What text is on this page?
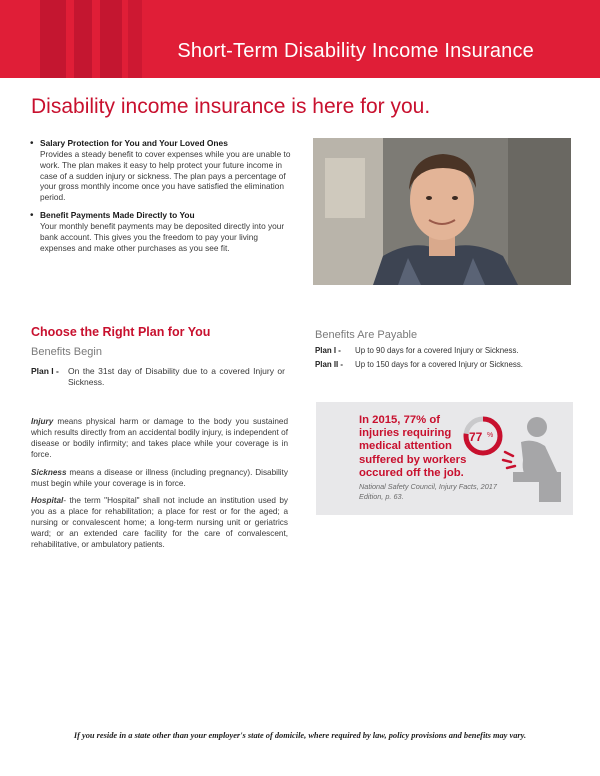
Short-Term Disability Income Insurance
Disability income insurance is here for you.
• Salary Protection for You and Your Loved Ones
Provides a steady benefit to cover expenses while you are unable to work. The plan makes it easy to help protect your future income in case of a sudden injury or sickness. The plan pays a percentage of your gross monthly income once you have satisfied the elimination period.
• Benefit Payments Made Directly to You
Your monthly benefit payments may be deposited directly into your bank account. This gives you the freedom to pay your living expenses and make other purchases as you see fit.
Choose the Right Plan for You
Benefits Begin
Plan I - On the 31st day of Disability due to a covered Injury or Sickness.
Benefits Are Payable
Plan I - Up to 90 days for a covered Injury or Sickness.
Plan II - Up to 150 days for a covered Injury or Sickness.

Injury means physical harm or damage to the body you sustained which results directly from an accidental bodily injury, is independent of disease or bodily infirmity; and takes place while your coverage is in force.

Sickness means a disease or illness (including pregnancy). Disability must begin while your coverage is in force.

Hospital- the term "Hospital" shall not include an institution used by you as a place for rehabilitation; a place for rest or for the aged; a nursing or convalescent home; a long-term nursing unit or geriatrics ward; or an extended care facility for the care of convalescent, rehabilitative, or ambulatory patients.

In 2015, 77% of injuries requiring medical attention suffered by workers occured off the job.
National Safety Council, Injury Facts, 2017 Edition, p. 63.
77 %
If you reside in a state other than your employer's state of domicile, where required by law, policy provisions and benefits may vary.
